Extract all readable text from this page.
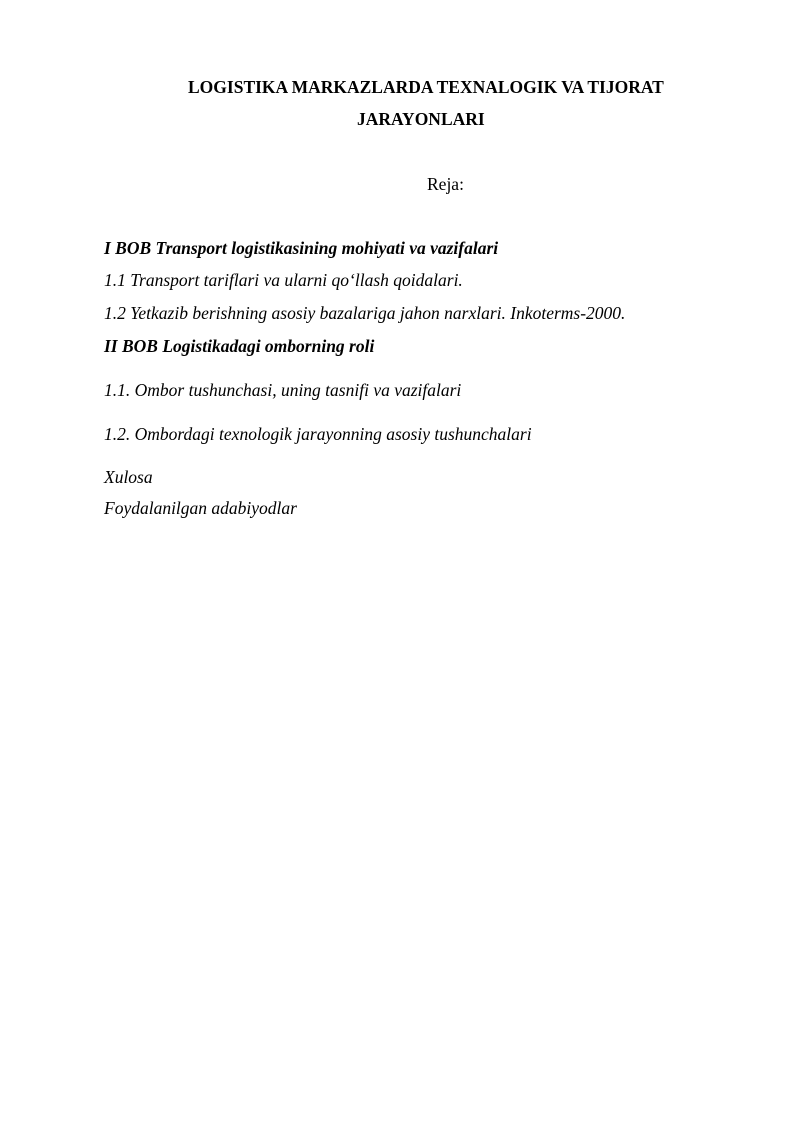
LOGISTIKA MARKAZLARDA TEXNALOGIK VA TIJORAT
JARAYONLARI
Reja:
I BOB Transport logistikasining mohiyati va vazifalari
1.1 Transport tariflari va ularni qo‘llash qoidalari.
1.2 Yetkazib berishning asosiy bazalariga jahon narxlari. Inkoterms-2000.
II BOB Logistikadagi omborning roli
1.1. Ombor tushunchasi, uning tasnifi va vazifalari
1.2. Ombordagi texnologik jarayonning asosiy tushunchalari
Xulosa
Foydalanilgan adabiyodlar
